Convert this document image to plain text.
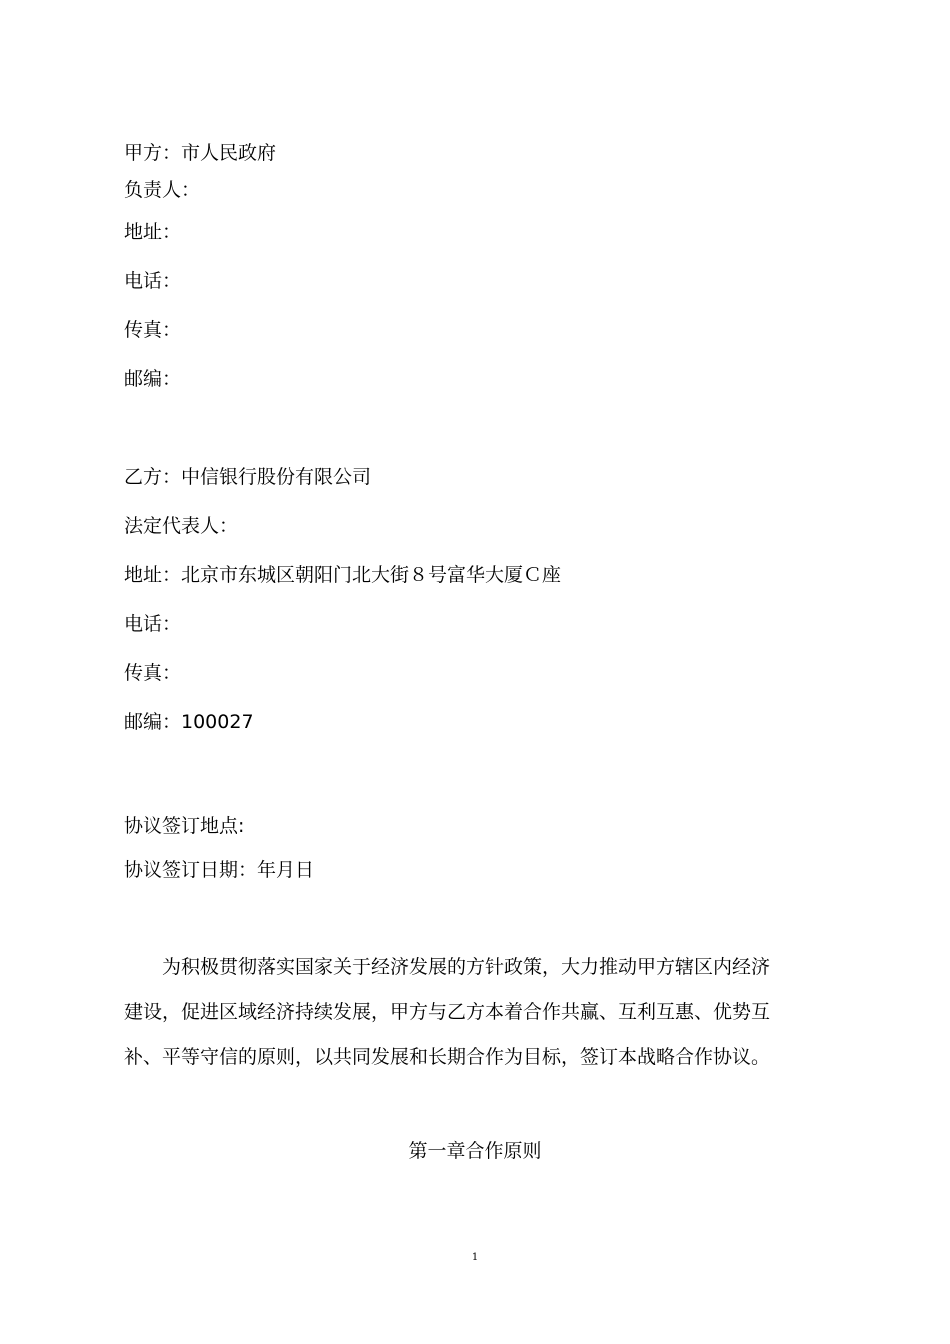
甲方：市人民政府
负责人：
地址：
电话：
传真：
邮编：
乙方：中信银行股份有限公司
法定代表人：
地址：北京市东城区朝阳门北大街８号富华大厦Ｃ座
电话：
传真：
邮编：100027
协议签订地点:
协议签订日期：年月日
　　为积极贯彻落实国家关于经济发展的方针政策，大力推动甲方辖区内经济
建设，促进区域经济持续发展，甲方与乙方本着合作共赢、互利互惠、优势互
补、平等守信的原则，以共同发展和长期合作为目标，签订本战略合作协议。
第一章合作原则
1
